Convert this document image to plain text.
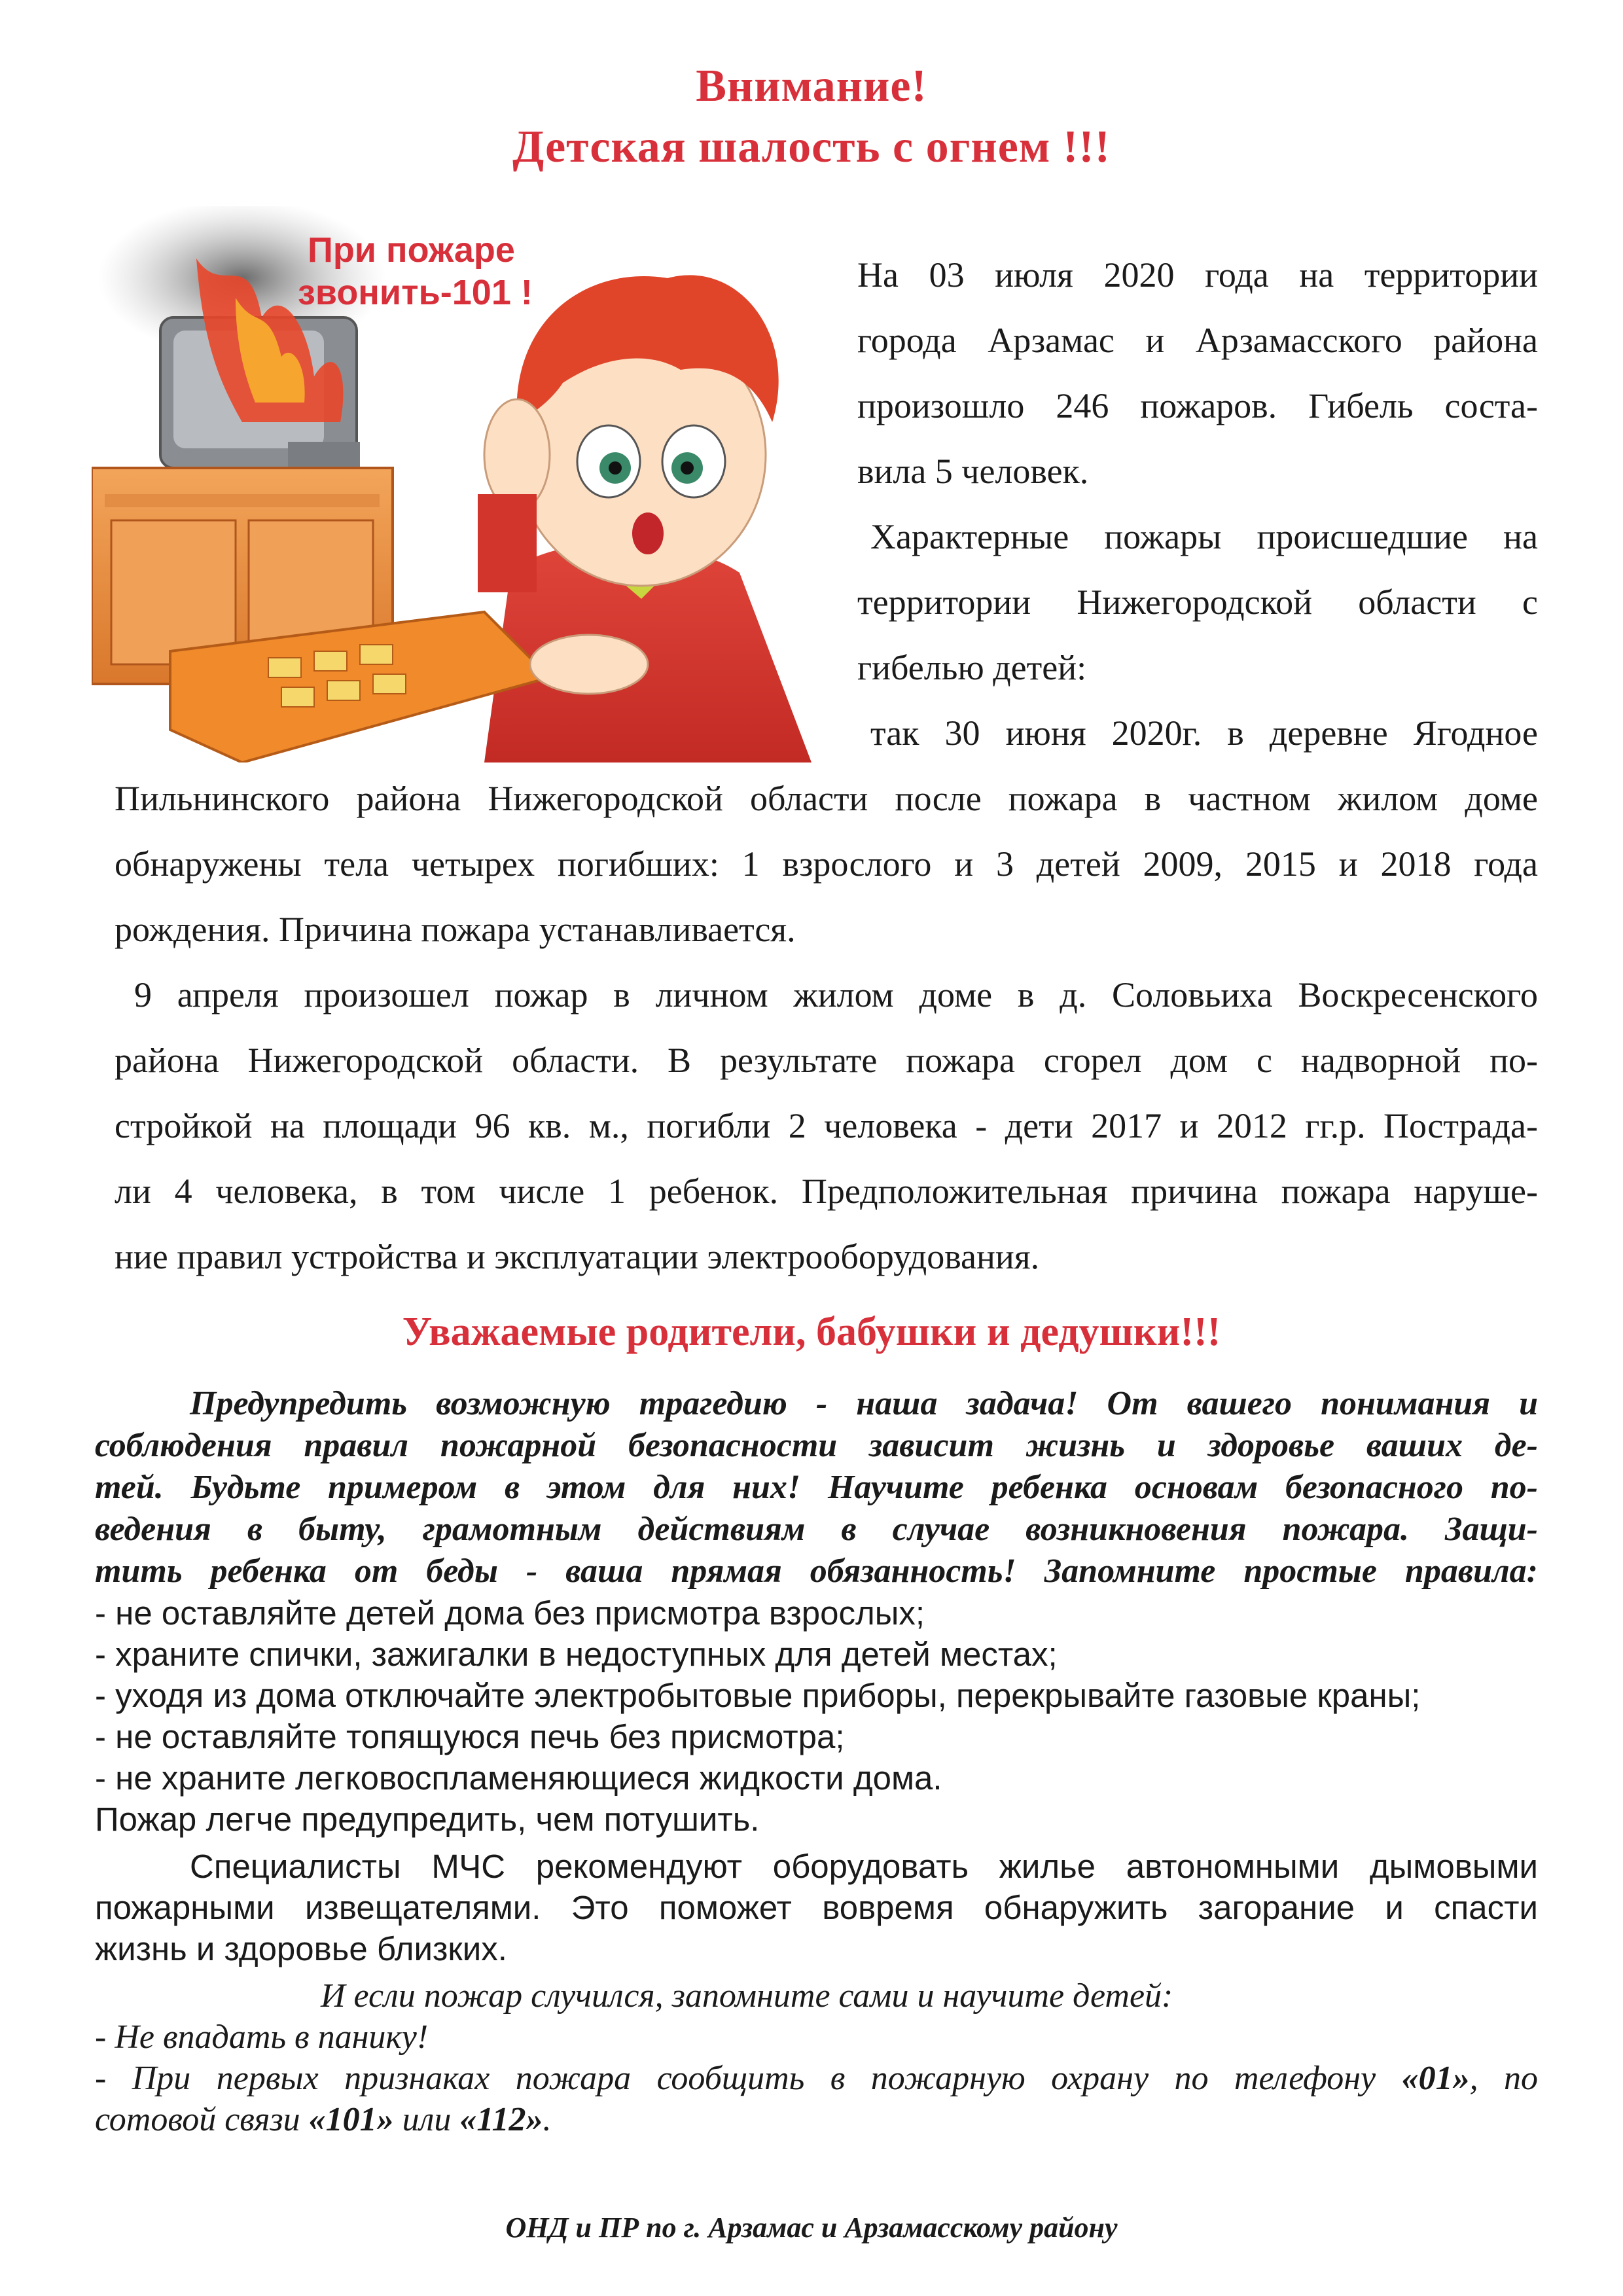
Внимание!
Детская шалость с огнем !!!
При пожаре
звонить-101 !	На 03 июля 2020 года на территории
города Арзамас и Арзамасского района
произошло 246 пожаров. Гибель соста-
вила 5 человек.
Характерные пожары происшедшие на
территории Нижегородской области с
гибелью детей:
так 30 июня 2020г. в деревне Ягодное
Пильнинского района Нижегородской области после пожара в частном жилом доме
обнаружены тела четырех погибших: 1 взрослого и 3 детей 2009, 2015 и 2018 года
рождения. Причина пожара устанавливается.
9 апреля произошел пожар в личном жилом доме в д. Соловьиха Воскресенского
района Нижегородской области. В результате пожара сгорел дом с надворной по-
стройкой на площади 96 кв. м., погибли 2 человека - дети 2017 и 2012 гг.р. Пострада-
ли 4 человека, в том числе 1 ребенок. Предположительная причина пожара наруше-
ние правил устройства и эксплуатации электрооборудования.
Уважаемые родители, бабушки и дедушки!!!
Предупредить возможную трагедию - наша задача! От вашего понимания и
соблюдения правил пожарной безопасности зависит жизнь и здоровье ваших де-
тей. Будьте примером в этом для них! Научите ребенка основам безопасного по-
ведения в быту, грамотным действиям в случае возникновения пожара. Защи-
тить ребенка от беды - ваша прямая обязанность! Запомните простые правила:
- не оставляйте детей дома без присмотра взрослых;
- храните спички, зажигалки в недоступных для детей местах;
- уходя из дома отключайте электробытовые приборы, перекрывайте газовые краны;
- не оставляйте топящуюся печь без присмотра;
- не храните легковоспламеняющиеся жидкости дома.
Пожар легче предупредить, чем потушить.
Специалисты МЧС рекомендуют оборудовать жилье автономными дымовыми
пожарными извещателями. Это поможет вовремя обнаружить загорание и спасти
жизнь и здоровье близких.
И если пожар случился, запомните сами и научите детей:
- Не впадать в панику!
- При первых признаках пожара сообщить в пожарную охрану по телефону «01», по
сотовой связи «101» или «112».
ОНД и ПР по г. Арзамас и Арзамасскому району
